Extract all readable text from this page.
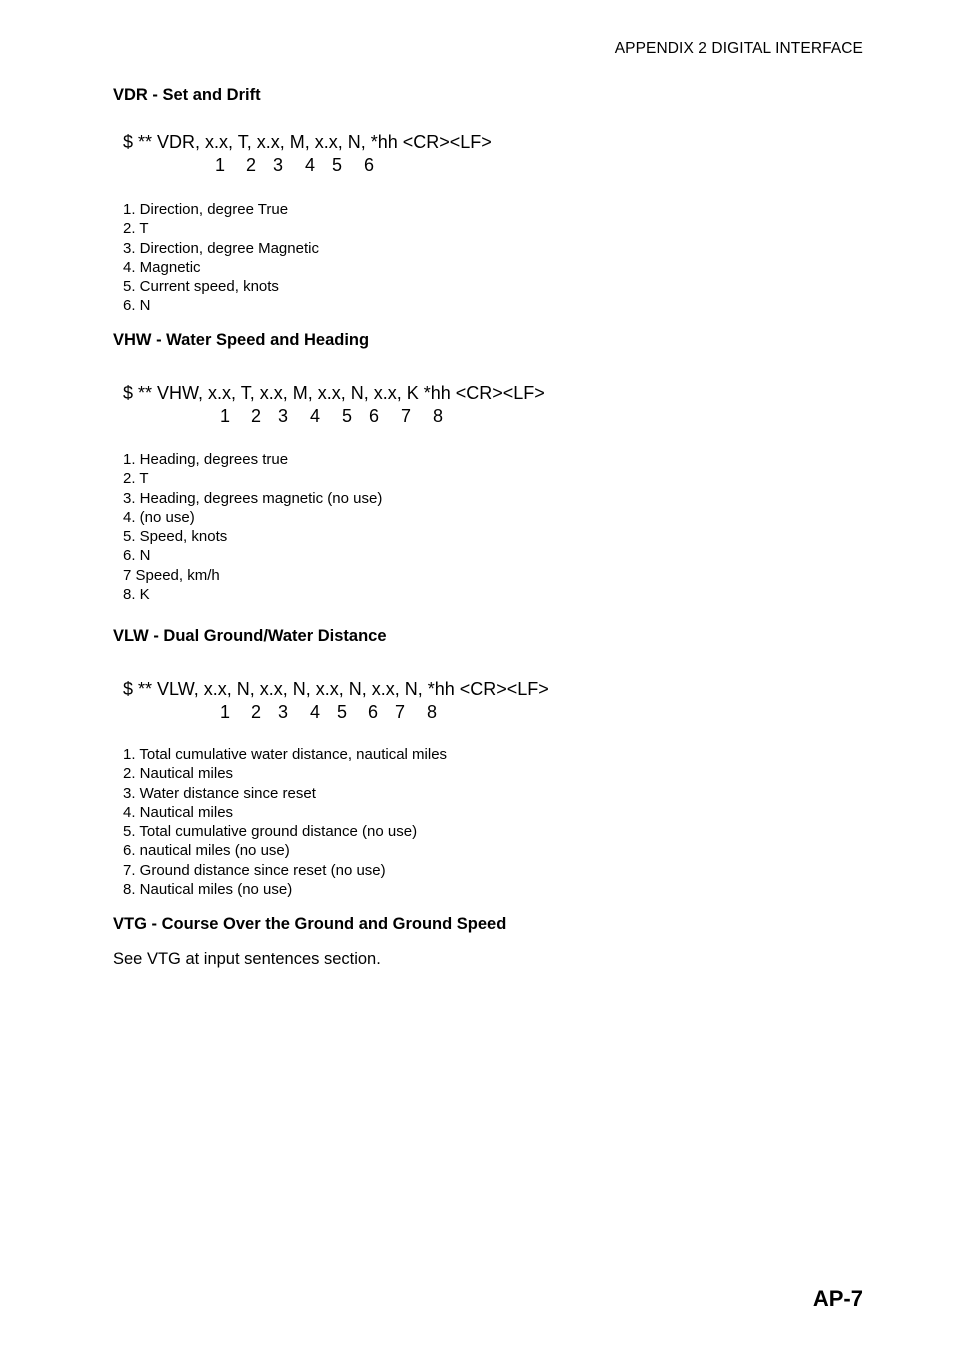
APPENDIX 2 DIGITAL INTERFACE
VDR - Set and Drift
$ ** VDR, x.x, T, x.x, M, x.x, N, *hh <CR><LF>
1 2 3 4 5 6
1. Direction, degree True
2. T
3. Direction, degree Magnetic
4. Magnetic
5. Current speed, knots
6. N
VHW - Water Speed and Heading
$ ** VHW, x.x, T, x.x, M, x.x, N, x.x, K *hh <CR><LF>
1 2 3 4 5 6 7 8
1. Heading, degrees true
2. T
3. Heading, degrees magnetic (no use)
4. (no use)
5. Speed, knots
6. N
7 Speed, km/h
8. K
VLW - Dual Ground/Water Distance
$ ** VLW, x.x, N, x.x, N, x.x, N, x.x, N, *hh <CR><LF>
1 2 3 4 5 6 7 8
1. Total cumulative water distance, nautical miles
2. Nautical miles
3. Water distance since reset
4. Nautical miles
5. Total cumulative ground distance (no use)
6. nautical miles (no use)
7. Ground distance since reset (no use)
8. Nautical miles (no use)
VTG - Course Over the Ground and Ground Speed
See VTG at input sentences section.
AP-7
